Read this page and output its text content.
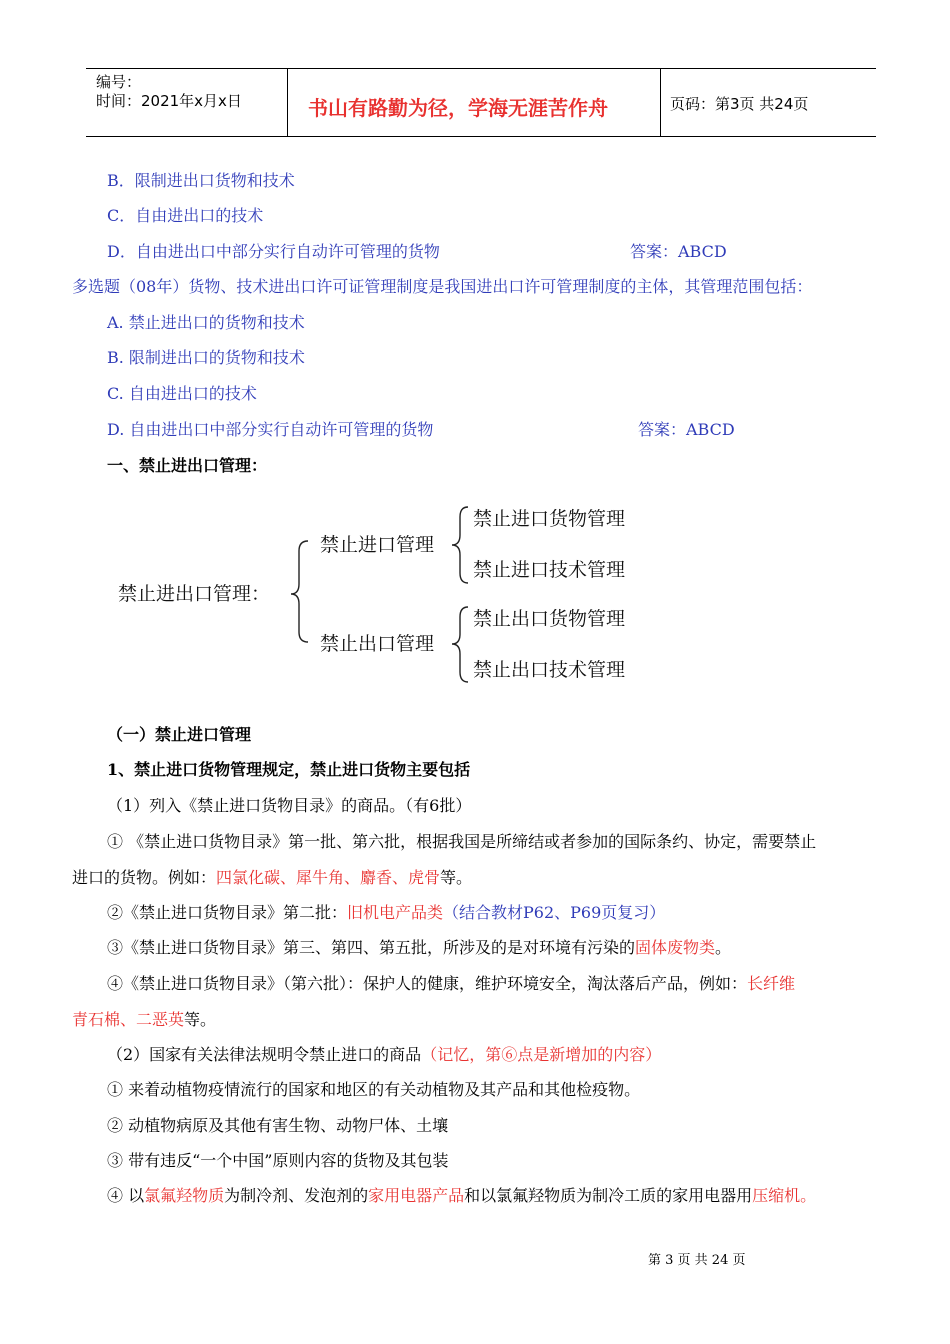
编号：
时间：2021年x月x日	书山有路勤为径，学海无涯苦作舟	页码：第3页 共24页
B．限制进出口货物和技术
C．自由进出口的技术
D．自由进出口中部分实行自动许可管理的货物	答案：ABCD
多选题（08年）货物、技术进出口许可证管理制度是我国进出口许可管理制度的主体，其管理范围包括：
A. 禁止进出口的货物和技术
B. 限制进出口的货物和技术
C. 自由进出口的技术
D. 自由进出口中部分实行自动许可管理的货物	答案：ABCD
一、禁止进出口管理：
禁止进出口管理：
禁止进口管理
禁止出口管理
禁止进口货物管理
禁止进口技术管理
禁止出口货物管理
禁止出口技术管理
（一）禁止进口管理
1、禁止进口货物管理规定，禁止进口货物主要包括
（1）列入《禁止进口货物目录》的商品。（有6批）
① 《禁止进口货物目录》第一批、第六批，根据我国是所缔结或者参加的国际条约、协定，需要禁止
进口的货物。例如：四氯化碳、犀牛角、麝香、虎骨等。
②《禁止进口货物目录》第二批：旧机电产品类（结合教材P62、P69页复习）
③《禁止进口货物目录》第三、第四、第五批，所涉及的是对环境有污染的固体废物类。
④《禁止进口货物目录》（第六批）：保护人的健康，维护环境安全，淘汰落后产品，例如：长纤维
青石棉、二恶英等。
（2）国家有关法律法规明令禁止进口的商品（记忆，第⑥点是新增加的内容）
① 来着动植物疫情流行的国家和地区的有关动植物及其产品和其他检疫物。
② 动植物病原及其他有害生物、动物尸体、土壤
③ 带有违反“一个中国”原则内容的货物及其包装
④ 以氯氟羟物质为制冷剂、发泡剂的家用电器产品和以氯氟羟物质为制冷工质的家用电器用压缩机。
第 3 页 共 24 页
